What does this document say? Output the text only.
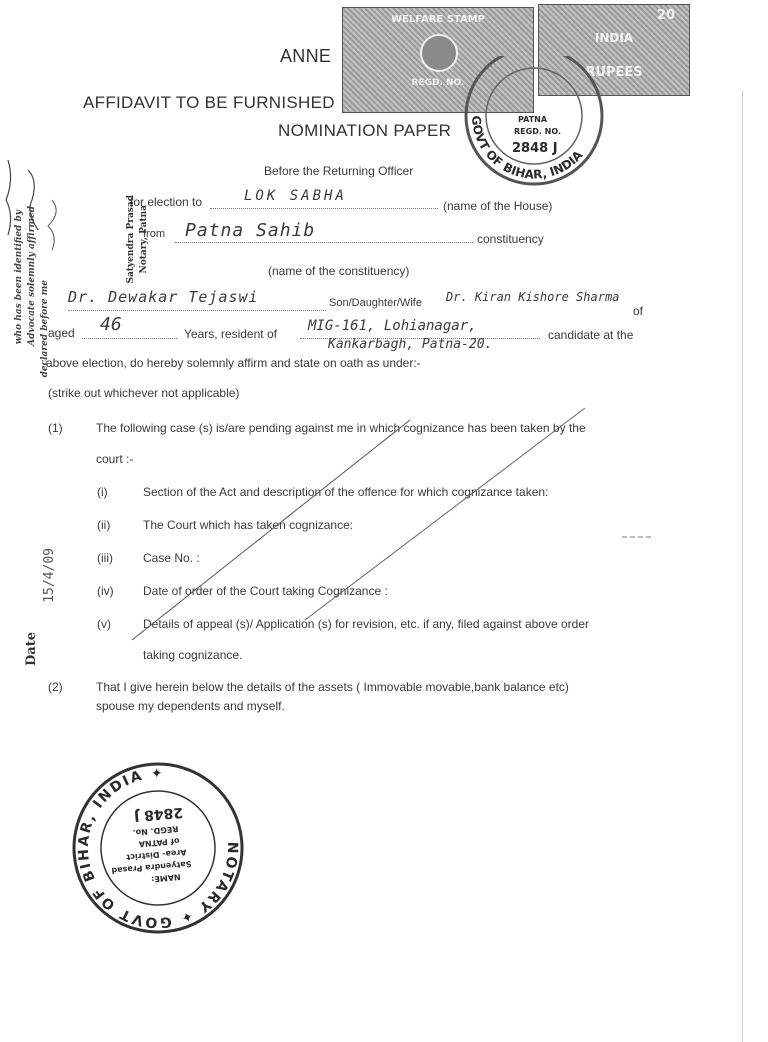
ANNE
AFFIDAVIT TO BE FURNISHED
NOMINATION PAPER
WELFARE STAMP
REGD. NO.
20
INDIA
RUPEES
PATNA
REGD. NO.
2848 J
GOVT OF BIHAR, INDIA
Before the Returning Officer
for election to	LOK SABHA
(name of the House)
from Patna Sahib	constituency
(name of the constituency)
Dr. Dewakar Tejaswi	Son/Daughter/Wife Dr. Kiran Kishore Sharma
of
aged 46	Years, resident of MIG-161, Lohianagar,
candidate at the
Kankarbagh, Patna-20.
above election, do hereby solemnly affirm and state on oath as under:-
(strike out whichever not applicable)
(1)	The following case (s) is/are pending against me in which cognizance has been taken by the
court :-
(i)	Section of the Act and description of the offence for which cognizance taken:
(ii)	The Court which has taken cognizance:
(iii)	Case No. :
(iv) Date of order of the Court taking Cognizance :
(v)	Details of appeal (s)/ Application (s) for revision, etc. if any, filed against above order
taking cognizance.
(2)	That I give herein below the details of the assets ( Immovable movable,bank balance etc)
spouse my dependents and myself.
who has been identified by Advocate solemnly affirmed declared before me
Satyendra Prasad Notary, Patna
Date
15/4/09
NOTARY ✦ GOVT OF BIHAR, INDIA ✦
NAME:
Satyendra Prasad
Area- District
of PATNA
REGD. No.
2848 J
